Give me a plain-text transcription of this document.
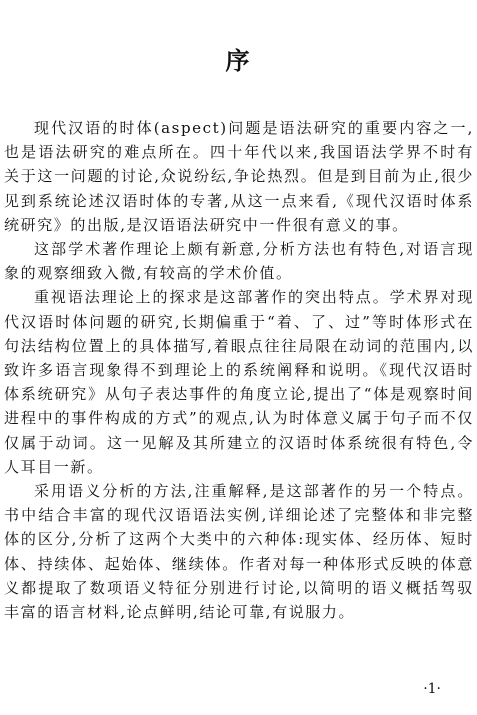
序

现代汉语的时体(aspect)问题是语法研究的重要内容之一,也是语法研究的难点所在。四十年代以来,我国语法学界不时有关于这一问题的讨论,众说纷纭,争论热烈。但是到目前为止,很少见到系统论述汉语时体的专著,从这一点来看,《现代汉语时体系统研究》的出版,是汉语语法研究中一件很有意义的事。

这部学术著作理论上颇有新意,分析方法也有特色,对语言现象的观察细致入微,有较高的学术价值。

重视语法理论上的探求是这部著作的突出特点。学术界对现代汉语时体问题的研究,长期偏重于“着、了、过”等时体形式在句法结构位置上的具体描写,着眼点往往局限在动词的范围内,以致许多语言现象得不到理论上的系统阐释和说明。《现代汉语时体系统研究》从句子表达事件的角度立论,提出了“体是观察时间进程中的事件构成的方式”的观点,认为时体意义属于句子而不仅仅属于动词。这一见解及其所建立的汉语时体系统很有特色,令人耳目一新。

采用语义分析的方法,注重解释,是这部著作的另一个特点。书中结合丰富的现代汉语语法实例,详细论述了完整体和非完整体的区分,分析了这两个大类中的六种体:现实体、经历体、短时体、持续体、起始体、继续体。作者对每一种体形式反映的体意义都提取了数项语义特征分别进行讨论,以简明的语义概括驾驭丰富的语言材料,论点鲜明,结论可靠,有说服力。

·1·
